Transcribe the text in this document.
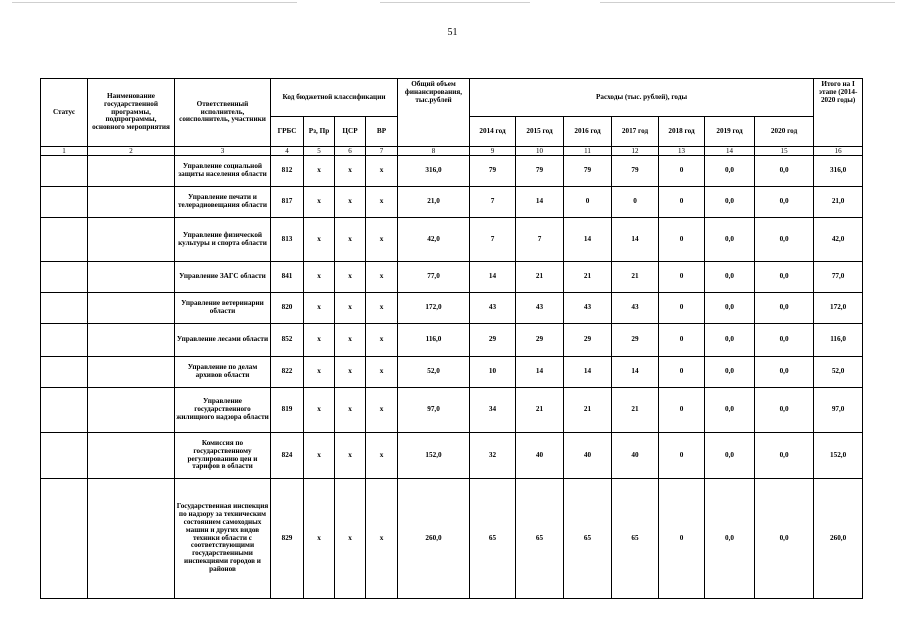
51
Статус	Наименование государственной программы, подпрограммы, основного мероприятия	Ответственный исполнитель, соисполнитель, участники	Код бюджетной классификации				Общий объем финансирования, тыс.рублей	Расходы (тыс. рублей), годы							Итого на I этапе (2014-2020 годы)
			ГРБС	Рз, Пр	ЦСР	ВР		2014 год	2015 год	2016 год	2017 год	2018 год	2019 год	2020 год	
1	2	3	4	5	6	7	8	9	10	11	12	13	14	15	16
		Управление социальной защиты населения области	812	х	х	х	316,0	79	79	79	79	0	0,0	0,0	316,0
		Управление печати и телерадиовещания области	817	х	х	х	21,0	7	14	0	0	0	0,0	0,0	21,0
		Управление физической культуры и спорта области	813	х	х	х	42,0	7	7	14	14	0	0,0	0,0	42,0
		Управление ЗАГС области	841	х	х	х	77,0	14	21	21	21	0	0,0	0,0	77,0
		Управление ветеринарии области	820	х	х	х	172,0	43	43	43	43	0	0,0	0,0	172,0
		Управление лесами области	852	х	х	х	116,0	29	29	29	29	0	0,0	0,0	116,0
		Управление по делам архивов области	822	х	х	х	52,0	10	14	14	14	0	0,0	0,0	52,0
		Управление государственного жилищного надзора области	819	х	х	х	97,0	34	21	21	21	0	0,0	0,0	97,0
		Комиссия по государственному регулированию цен и тарифов в области	824	х	х	х	152,0	32	40	40	40	0	0,0	0,0	152,0
		Государственная инспекция по надзору за техническим состоянием самоходных машин и других видов техники области с соответствующими государственными инспекциями городов и районов	829	х	х	х	260,0	65	65	65	65	0	0,0	0,0	260,0
